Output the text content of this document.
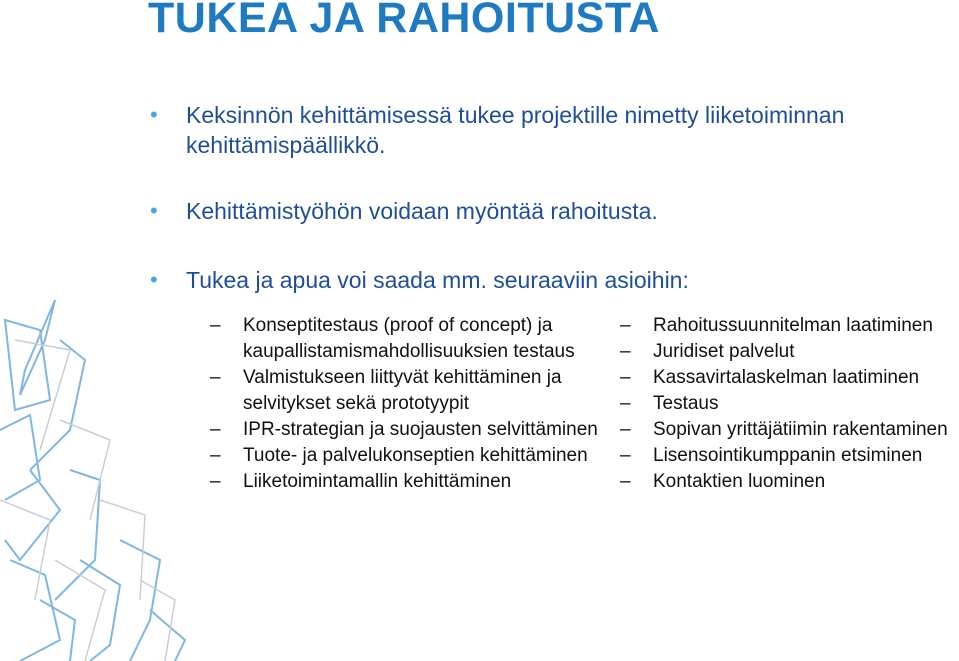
TUKEA JA RAHOITUSTA
• Keksinnön kehittämisessä tukee projektille nimetty liiketoiminnan kehittämispäällikkö.
• Kehittämistyöhön voidaan myöntää rahoitusta.
• Tukea ja apua voi saada mm. seuraaviin asioihin:
– Konseptitestaus (proof of concept) ja kaupallistamismahdollisuuksien testaus
– Valmistukseen liittyvät kehittäminen ja selvitykset sekä prototyypit
– IPR-strategian ja suojausten selvittäminen
– Tuote- ja palvelukonseptien kehittäminen
– Liiketoimintamallin kehittäminen
– Rahoitussuunnitelman laatiminen
– Juridiset palvelut
– Kassavirtalaskelman laatiminen
– Testaus
– Sopivan yrittäjätiimin rakentaminen
– Lisensointikumppanin etsiminen
– Kontaktien luominen
